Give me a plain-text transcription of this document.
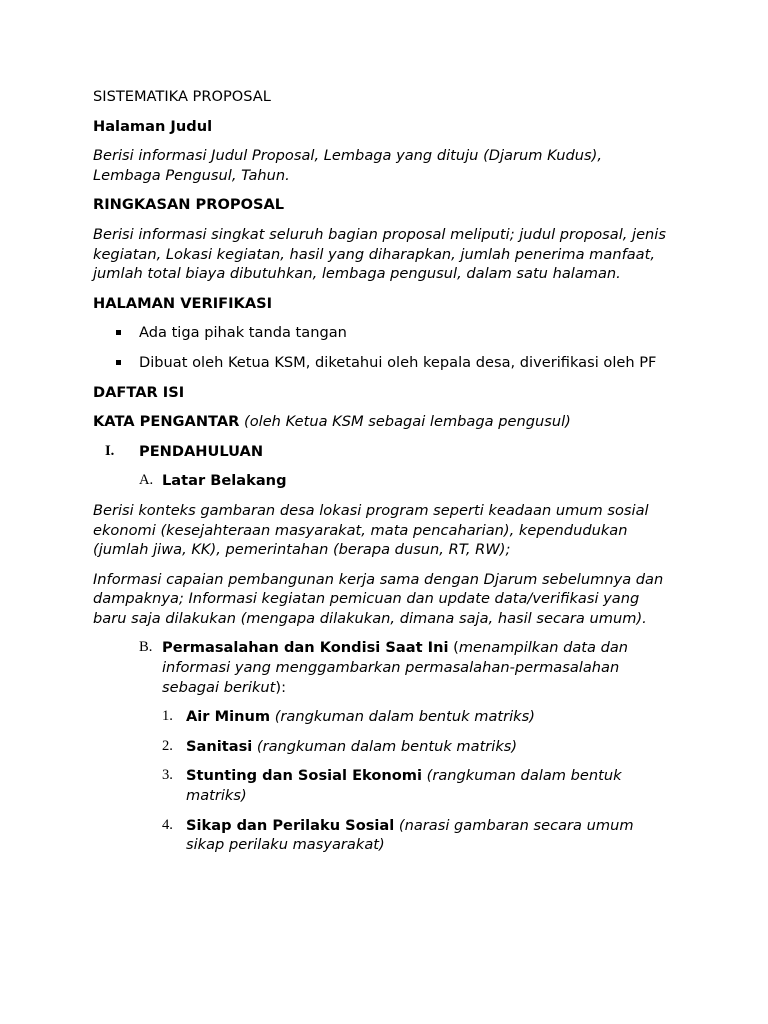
SISTEMATIKA PROPOSAL

Halaman Judul

Berisi informasi Judul Proposal, Lembaga yang dituju (Djarum Kudus), Lembaga Pengusul, Tahun.

RINGKASAN PROPOSAL

Berisi informasi singkat seluruh bagian proposal meliputi; judul proposal, jenis kegiatan, Lokasi kegiatan, hasil yang diharapkan, jumlah penerima manfaat, jumlah total biaya dibutuhkan, lembaga pengusul, dalam satu halaman.

HALAMAN VERIFIKASI

Ada tiga pihak tanda tangan
Dibuat oleh Ketua KSM, diketahui oleh kepala desa, diverifikasi oleh PF

DAFTAR ISI

KATA PENGANTAR (oleh Ketua KSM sebagai lembaga pengusul)

I. PENDAHULUAN
A. Latar Belakang

Berisi konteks gambaran desa lokasi program seperti keadaan umum sosial ekonomi (kesejahteraan masyarakat, mata pencaharian), kependudukan (jumlah jiwa, KK), pemerintahan (berapa dusun, RT, RW);

Informasi capaian pembangunan kerja sama dengan Djarum sebelumnya dan dampaknya; Informasi kegiatan pemicuan dan update data/verifikasi yang baru saja dilakukan (mengapa dilakukan, dimana saja, hasil secara umum).

B. Permasalahan dan Kondisi Saat Ini (menampilkan data dan informasi yang menggambarkan permasalahan-permasalahan sebagai berikut):
1. Air Minum (rangkuman dalam bentuk matriks)
2. Sanitasi (rangkuman dalam bentuk matriks)
3. Stunting dan Sosial Ekonomi (rangkuman dalam bentuk matriks)
4. Sikap dan Perilaku Sosial (narasi gambaran secara umum sikap perilaku masyarakat)
